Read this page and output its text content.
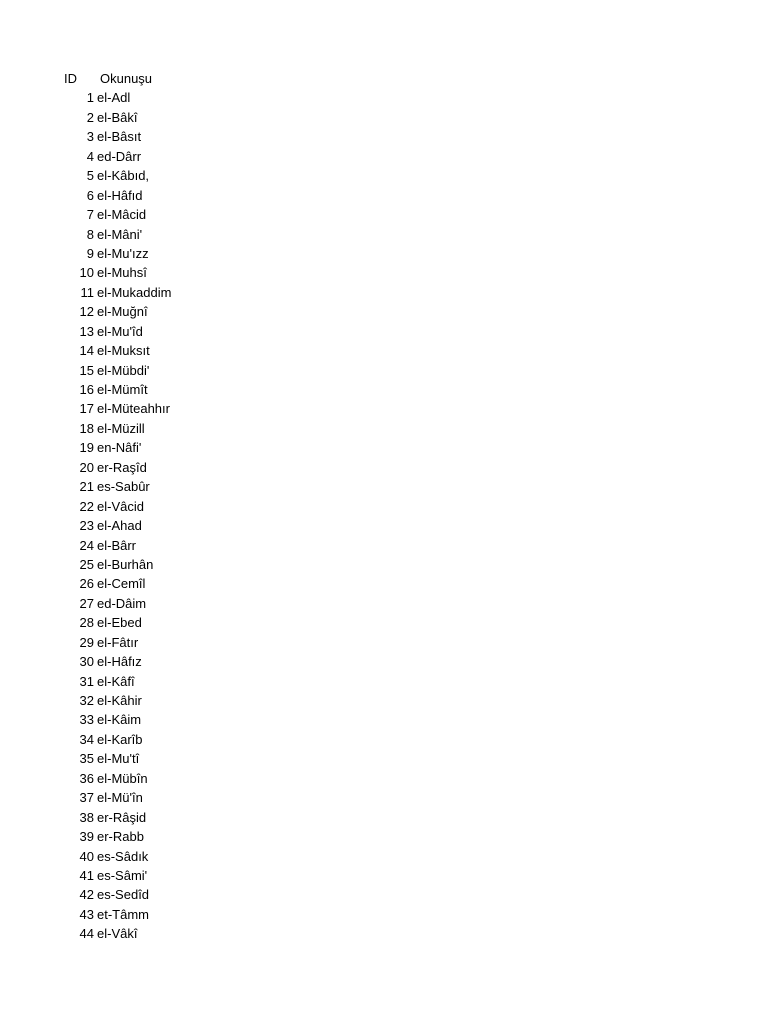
ID	Okunuşu
1 el-Adl
2 el-Bâkî
3 el-Bâsıt
4 ed-Dârr
5 el-Kâbıd,
6 el-Hâfıd
7 el-Mâcid
8 el-Mâni'
9 el-Mu'ızz
10 el-Muhsî
11 el-Mukaddim
12 el-Muğnî
13 el-Mu'îd
14 el-Muksıt
15 el-Mübdi'
16 el-Mümît
17 el-Müteahhır
18 el-Müzill
19 en-Nâfi'
20 er-Raşîd
21 es-Sabûr
22 el-Vâcid
23 el-Ahad
24 el-Bârr
25 el-Burhân
26 el-Cemîl
27 ed-Dâim
28 el-Ebed
29 el-Fâtır
30 el-Hâfız
31 el-Kâfî
32 el-Kâhir
33 el-Kâim
34 el-Karîb
35 el-Mu'tî
36 el-Mübîn
37 el-Mü'în
38 er-Râşid
39 er-Rabb
40 es-Sâdık
41 es-Sâmi'
42 es-Sedîd
43 et-Tâmm
44 el-Vâkî
